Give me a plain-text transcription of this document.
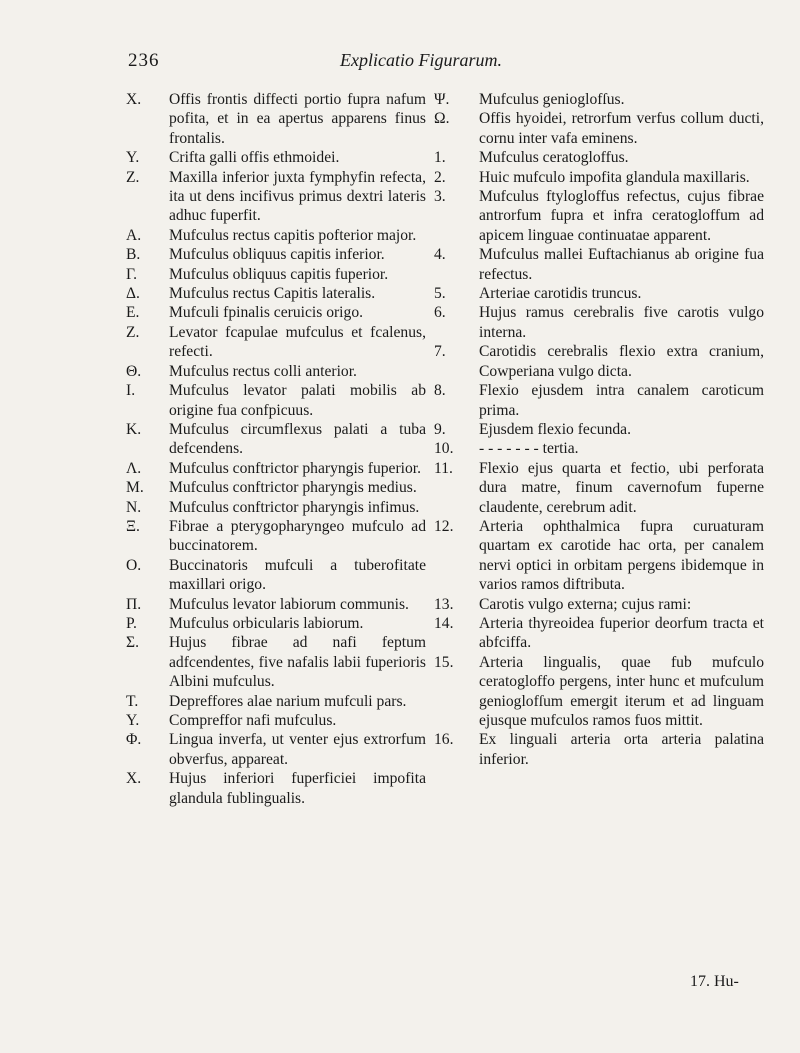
236	Explicatio Figurarum.
X.	Offis frontis diffecti portio fupra nafum pofita, et in ea apertus apparens finus frontalis.
Υ.	Crifta galli offis ethmoidei.
Ζ.	Maxilla inferior juxta fymphyfin refecta, ita ut dens incifivus primus dextri lateris adhuc fuperfit.
A.	Mufculus rectus capitis pofterior major.
B.	Mufculus obliquus capitis inferior.
Γ.	Mufculus obliquus capitis fuperior.
Δ.	Mufculus rectus Capitis lateralis.
E.	Mufculi fpinalis ceruicis origo.
Z.	Levator fcapulae mufculus et fcalenus, refecti.
Θ.	Mufculus rectus colli anterior.
I.	Mufculus levator palati mobilis ab origine fua confpicuus.
K.	Mufculus circumflexus palati a tuba defcendens.
Λ.	Mufculus conftrictor pharyngis fuperior.
M.	Mufculus conftrictor pharyngis medius.
N.	Mufculus conftrictor pharyngis infimus.
Ξ.	Fibrae a pterygopharyngeo mufculo ad buccinatorem.
O.	Buccinatoris mufculi a tuberofitate maxillari origo.
Π.	Mufculus levator labiorum communis.
P.	Mufculus orbicularis labiorum.
Σ.	Hujus fibrae ad nafi feptum adfcendentes, five nafalis labii fuperioris Albini mufculus.
T.	Depreffores alae narium mufculi pars.
Υ.	Compreffor nafi mufculus.
Φ.	Lingua inverfa, ut venter ejus extrorfum obverfus, appareat.
X.	Hujus inferiori fuperficiei impofita glandula fublingualis.
Ψ.	Mufculus genioglofſus.
Ω.	Offis hyoidei, retrorfum verfus collum ducti, cornu inter vafa eminens.
1.	Mufculus ceratogloffus.
2.	Huic mufculo impofita glandula maxillaris.
3.	Mufculus ftylogloffus refectus, cujus fibrae antrorfum fupra et infra ceratogloffum ad apicem linguae continuatae apparent.
4.	Mufculus mallei Euftachianus ab origine fua refectus.
5.	Arteriae carotidis truncus.
6.	Hujus ramus cerebralis five carotis vulgo interna.
7.	Carotidis cerebralis flexio extra cranium, Cowperiana vulgo dicta.
8.	Flexio ejusdem intra canalem caroticum prima.
9.	Ejusdem flexio fecunda.
10.	- - - - - - - tertia.
11.	Flexio ejus quarta et fectio, ubi perforata dura matre, finum cavernofum fuperne claudente, cerebrum adit.
12.	Arteria ophthalmica fupra curuaturam quartam ex carotide hac orta, per canalem nervi optici in orbitam pergens ibidemque in varios ramos diftributa.
13.	Carotis vulgo externa; cujus rami:
14.	Arteria thyreoidea fuperior deorfum tracta et abfciffa.
15.	Arteria lingualis, quae fub mufculo ceratogloffo pergens, inter hunc et mufculum genioglofſum emergit iterum et ad linguam ejusque mufculos ramos fuos mittit.
16.	Ex linguali arteria orta arteria palatina inferior.
17. Hu-
